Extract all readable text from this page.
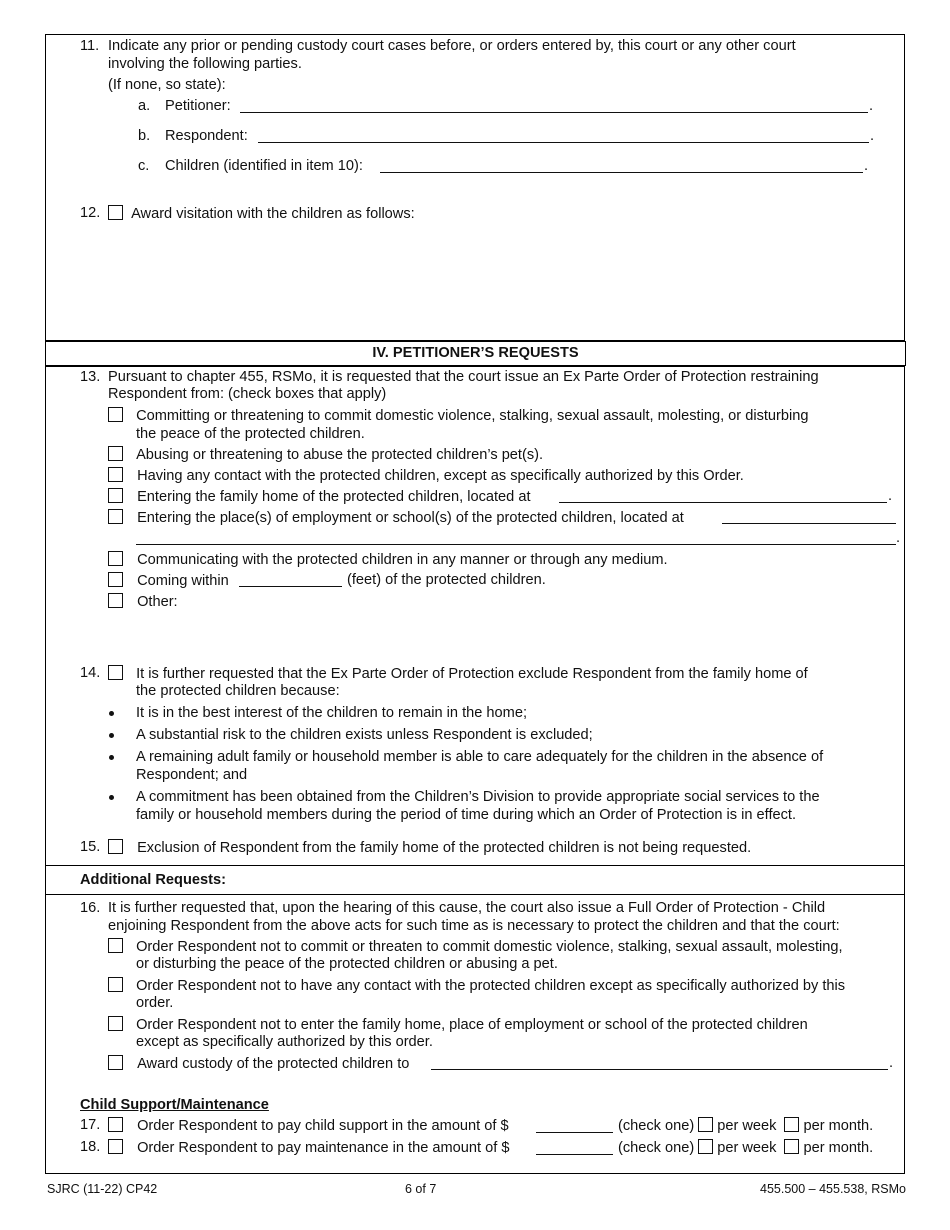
11. Indicate any prior or pending custody court cases before, or orders entered by, this court or any other court
involving the following parties.
(If none, so state):
a. Petitioner:	.
b. Respondent:	.
c. Children (identified in item 10):	.
12.	Award visitation with the children as follows:
IV. PETITIONER’S REQUESTS
13. Pursuant to chapter 455, RSMo, it is requested that the court issue an Ex Parte Order of Protection restraining
Respondent from: (check boxes that apply)
Committing or threatening to commit domestic violence, stalking, sexual assault, molesting, or disturbing
the peace of the protected children.
Abusing or threatening to abuse the protected children’s pet(s).
Having any contact with the protected children, except as specifically authorized by this Order.
Entering the family home of the protected children, located at	.
Entering the place(s) of employment or school(s) of the protected children, located at
.
Communicating with the protected children in any manner or through any medium.
Coming within	(feet) of the protected children.
Other:
14.	It is further requested that the Ex Parte Order of Protection exclude Respondent from the family home of
the protected children because:
It is in the best interest of the children to remain in the home;
A substantial risk to the children exists unless Respondent is excluded;
A remaining adult family or household member is able to care adequately for the children in the absence of
Respondent; and
A commitment has been obtained from the Children’s Division to provide appropriate social services to the
family or household members during the period of time during which an Order of Protection is in effect.
15.	Exclusion of Respondent from the family home of the protected children is not being requested.
Additional Requests:
16. It is further requested that, upon the hearing of this cause, the court also issue a Full Order of Protection - Child
enjoining Respondent from the above acts for such time as is necessary to protect the children and that the court:
Order Respondent not to commit or threaten to commit domestic violence, stalking, sexual assault, molesting,
or disturbing the peace of the protected children or abusing a pet.
Order Respondent not to have any contact with the protected children except as specifically authorized by this
order.
Order Respondent not to enter the family home, place of employment or school of the protected children
except as specifically authorized by this order.
Award custody of the protected children to	.
Child Support/Maintenance
17.	Order Respondent to pay child support in the amount of $	(check one) per week per month.
18.	Order Respondent to pay maintenance in the amount of $	(check one) per week per month.
SJRC (11-22) CP42	6 of 7	455.500 – 455.538, RSMo
